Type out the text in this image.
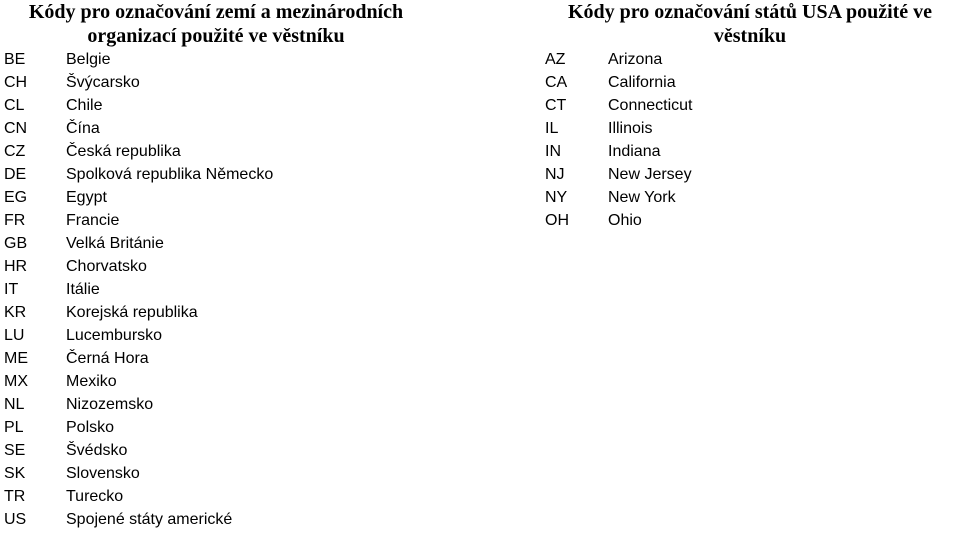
Kódy pro označování zemí a mezinárodních
organizací použité ve věstníku
Kódy pro označování států USA použité ve
věstníku
BE	Belgie
CH Švýcarsko
CL	Chile
CN Čína
CZ	Česká republika
DE Spolková republika Německo
EG Egypt
FR	Francie
GB Velká Británie
HR Chorvatsko
IT	Itálie
KR Korejská republika
LU	Lucembursko
ME Černá Hora
MX Mexiko
NL	Nizozemsko
PL	Polsko
SE	Švédsko
SK	Slovensko
TR	Turecko
US Spojené státy americké
AZ	Arizona
CA	California
CT	Connecticut
IL	Illinois
IN	Indiana
NJ	New Jersey
NY	New York
OH Ohio
